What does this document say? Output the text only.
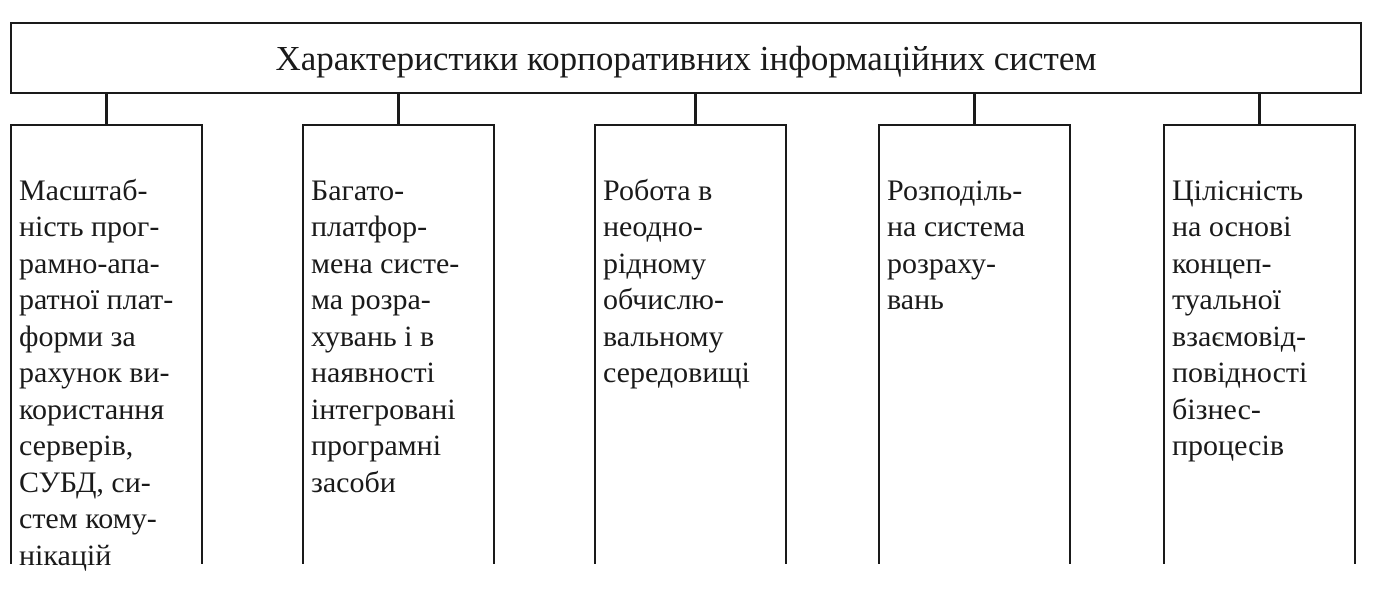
Характеристики корпоративних інформаційних систем

Масштаб-
ність прог-
рамно-апа-
ратної плат-
форми за
рахунок ви-
користання
серверів,
СУБД, си-
стем кому-
нікацій

Багато-
платфор-
мена систе-
ма розра-
хувань і в
наявності
інтегровані
програмні
засоби

Робота в
неодно-
рідному
обчислю-
вальному
середовищі

Розподіль-
на система
розраху-
вань

Цілісність
на основі
концеп-
туальної
взаємовід-
повідності
бізнес-
процесів
